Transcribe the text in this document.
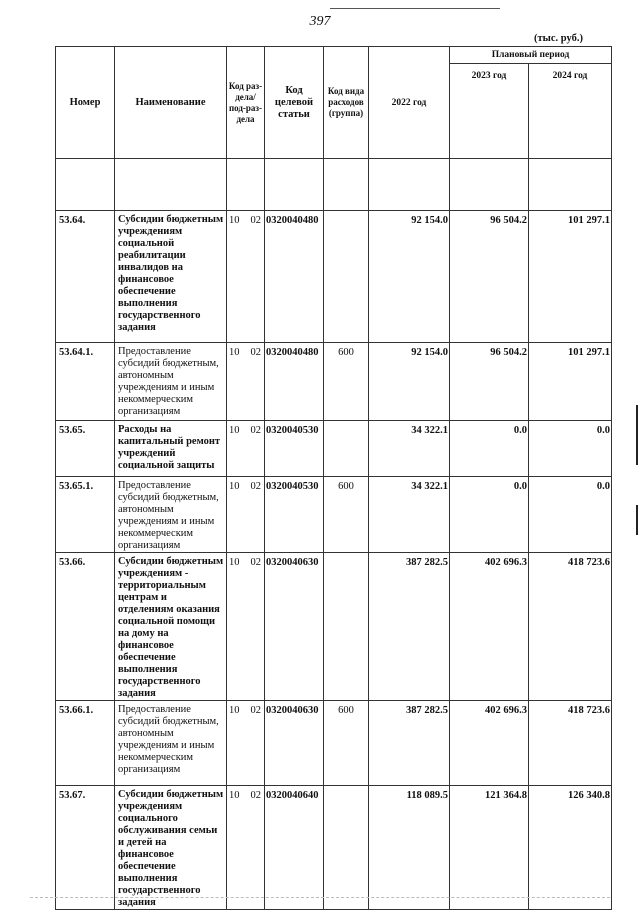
397
(тыс. руб.)
Номер	Наименование	Код раз-дела/ под-раз-дела	Код целевой статьи	Код вида расходов (группа)	2022 год	Плановый период	
						2023 год	2024 год

53.64.	Субсидии бюджетным учреждениям социальной реабилитации инвалидов на финансовое обеспечение выполнения государственного задания	10 02	0320040480		92 154.0	96 504.2	101 297.1
53.64.1.	Предоставление субсидий бюджетным, автономным учреждениям и иным некоммерческим организациям	10 02	0320040480	600	92 154.0	96 504.2	101 297.1
53.65.	Расходы на капитальный ремонт учреждений социальной защиты	10 02	0320040530		34 322.1	0.0	0.0
53.65.1.	Предоставление субсидий бюджетным, автономным учреждениям и иным некоммерческим организациям	10 02	0320040530	600	34 322.1	0.0	0.0
53.66.	Субсидии бюджетным учреждениям - территориальным центрам и отделениям оказания социальной помощи на дому на финансовое обеспечение выполнения государственного задания	10 02	0320040630		387 282.5	402 696.3	418 723.6
53.66.1.	Предоставление субсидий бюджетным, автономным учреждениям и иным некоммерческим организациям	10 02	0320040630	600	387 282.5	402 696.3	418 723.6
53.67.	Субсидии бюджетным учреждениям социального обслуживания семьи и детей на финансовое обеспечение выполнения государственного задания	10 02	0320040640		118 089.5	121 364.8	126 340.8
